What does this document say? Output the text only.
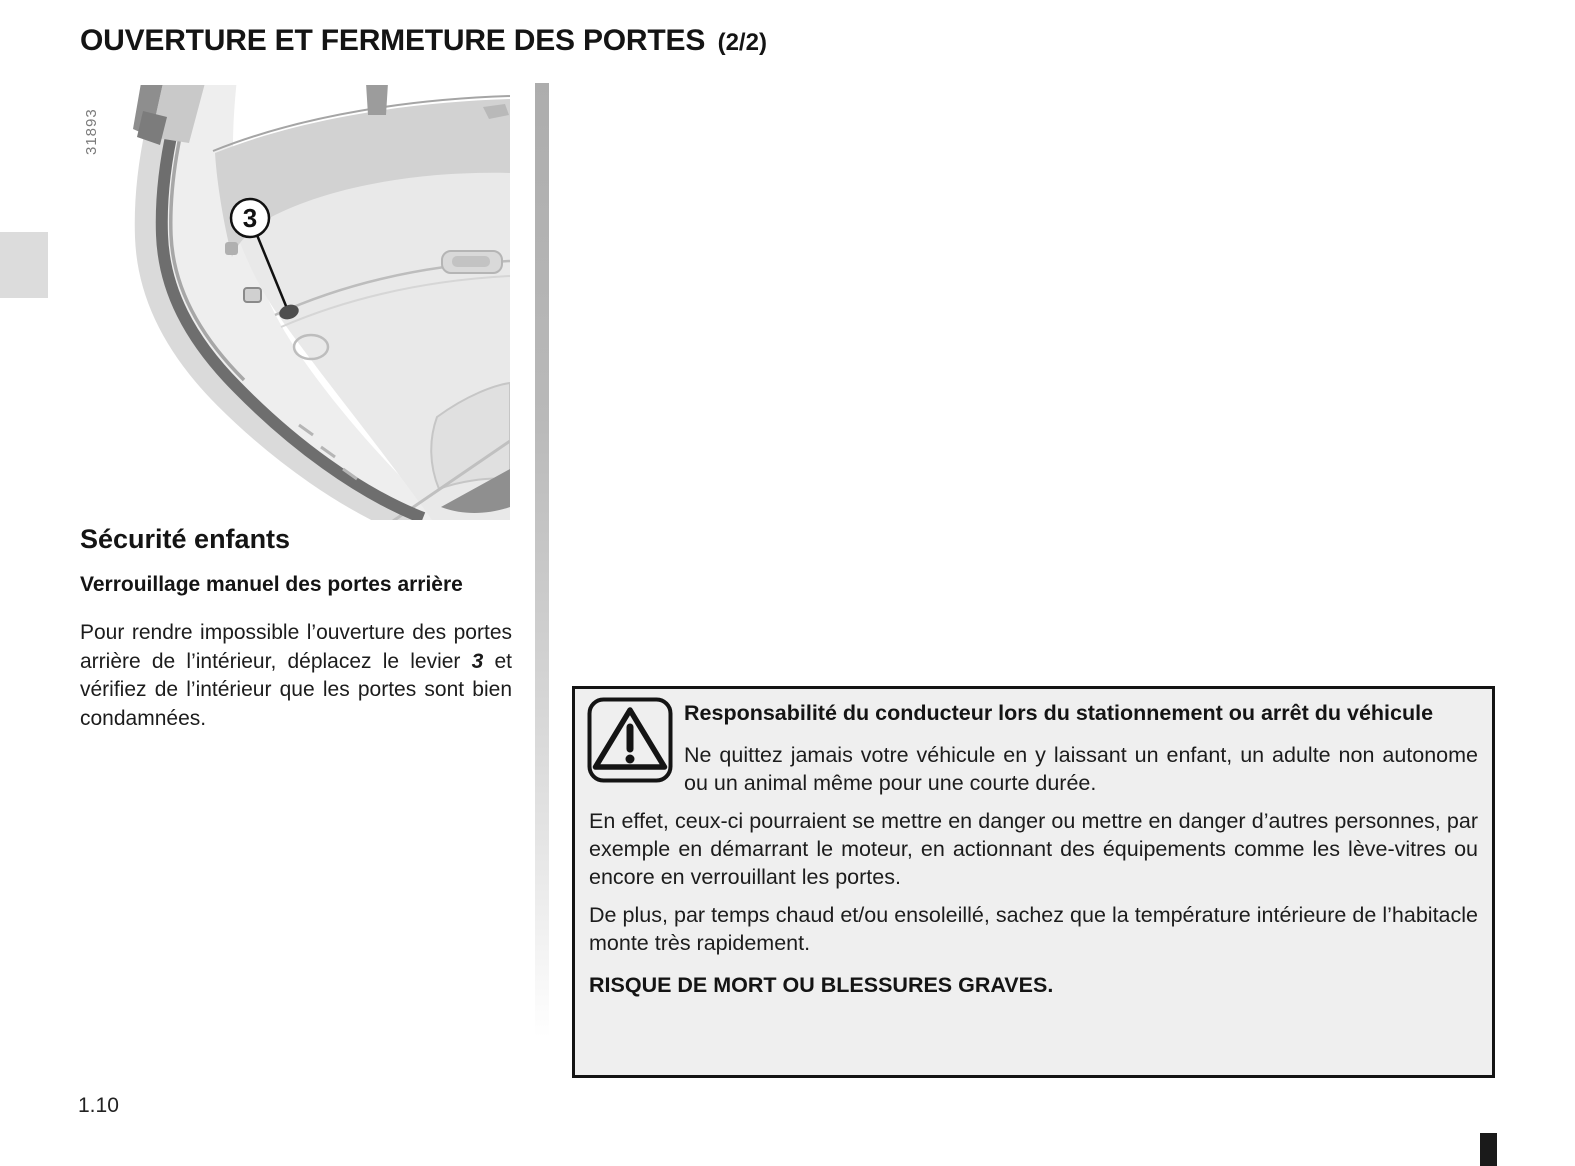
OUVERTURE ET FERMETURE DES PORTES (2/2)
31893
3
Sécurité enfants
Verrouillage manuel des portes arrière

Pour rendre impossible l’ouverture des portes arrière de l’intérieur, déplacez le levier 3 et vérifiez de l’intérieur que les portes sont bien condamnées.	Responsabilité du conducteur lors du stationnement ou arrêt du véhicule

Ne quittez jamais votre véhicule en y laissant un enfant, un adulte non autonome ou un animal même pour une courte durée.

En effet, ceux-ci pourraient se mettre en danger ou mettre en danger d’autres personnes, par exemple en démarrant le moteur, en actionnant des équipements comme les lève-vitres ou encore en verrouillant les portes.

De plus, par temps chaud et/ou ensoleillé, sachez que la température intérieure de l’habitacle monte très rapidement.

RISQUE DE MORT OU BLESSURES GRAVES.

1.10
